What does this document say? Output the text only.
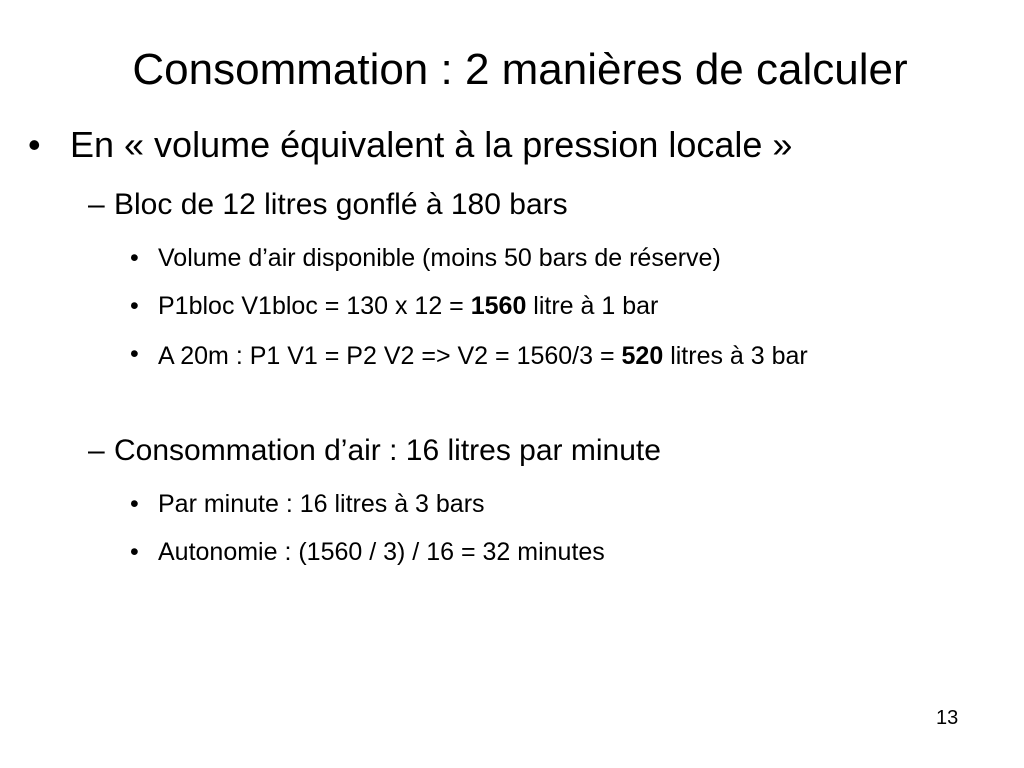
Consommation : 2 manières de calculer
• En « volume équivalent à la pression locale »
– Bloc de 12 litres gonflé à 180 bars
• Volume d’air disponible (moins 50 bars de réserve)
• P1bloc V1bloc = 130 x 12 = 1560 litre à 1 bar
• A 20m : P1 V1 = P2 V2 => V2 = 1560/3 = 520 litres à 3 bar
– Consommation d’air : 16 litres par minute
• Par minute : 16 litres à 3 bars
• Autonomie : (1560 / 3) / 16 = 32 minutes
13
